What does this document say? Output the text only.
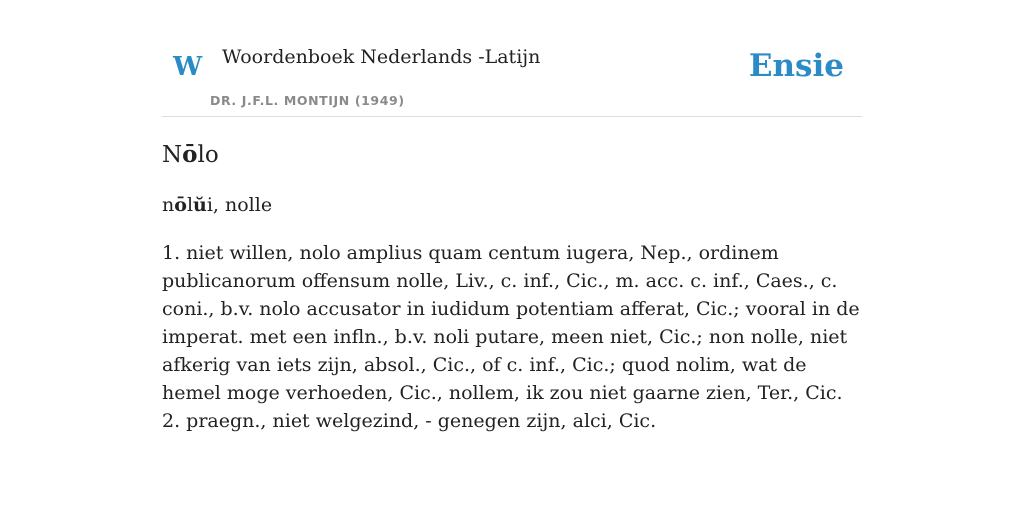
W Woordenboek Nederlands -Latijn
DR. J.F.L. MONTIJN (1949)
Ensie
Nōlo
nōlŭi, nolle

1. niet willen, nolo amplius quam centum iugera, Nep., ordinem publicanorum offensum nolle, Liv., c. inf., Cic., m. acc. c. inf., Caes., c. coni., b.v. nolo accusator in iudidum potentiam afferat, Cic.; vooral in de imperat. met een infln., b.v. noli putare, meen niet, Cic.; non nolle, niet afkerig van iets zijn, absol., Cic., of c. inf., Cic.; quod nolim, wat de hemel moge verhoeden, Cic., nollem, ik zou niet gaarne zien, Ter., Cic.

2. praegn., niet welgezind, - genegen zijn, alci, Cic.
